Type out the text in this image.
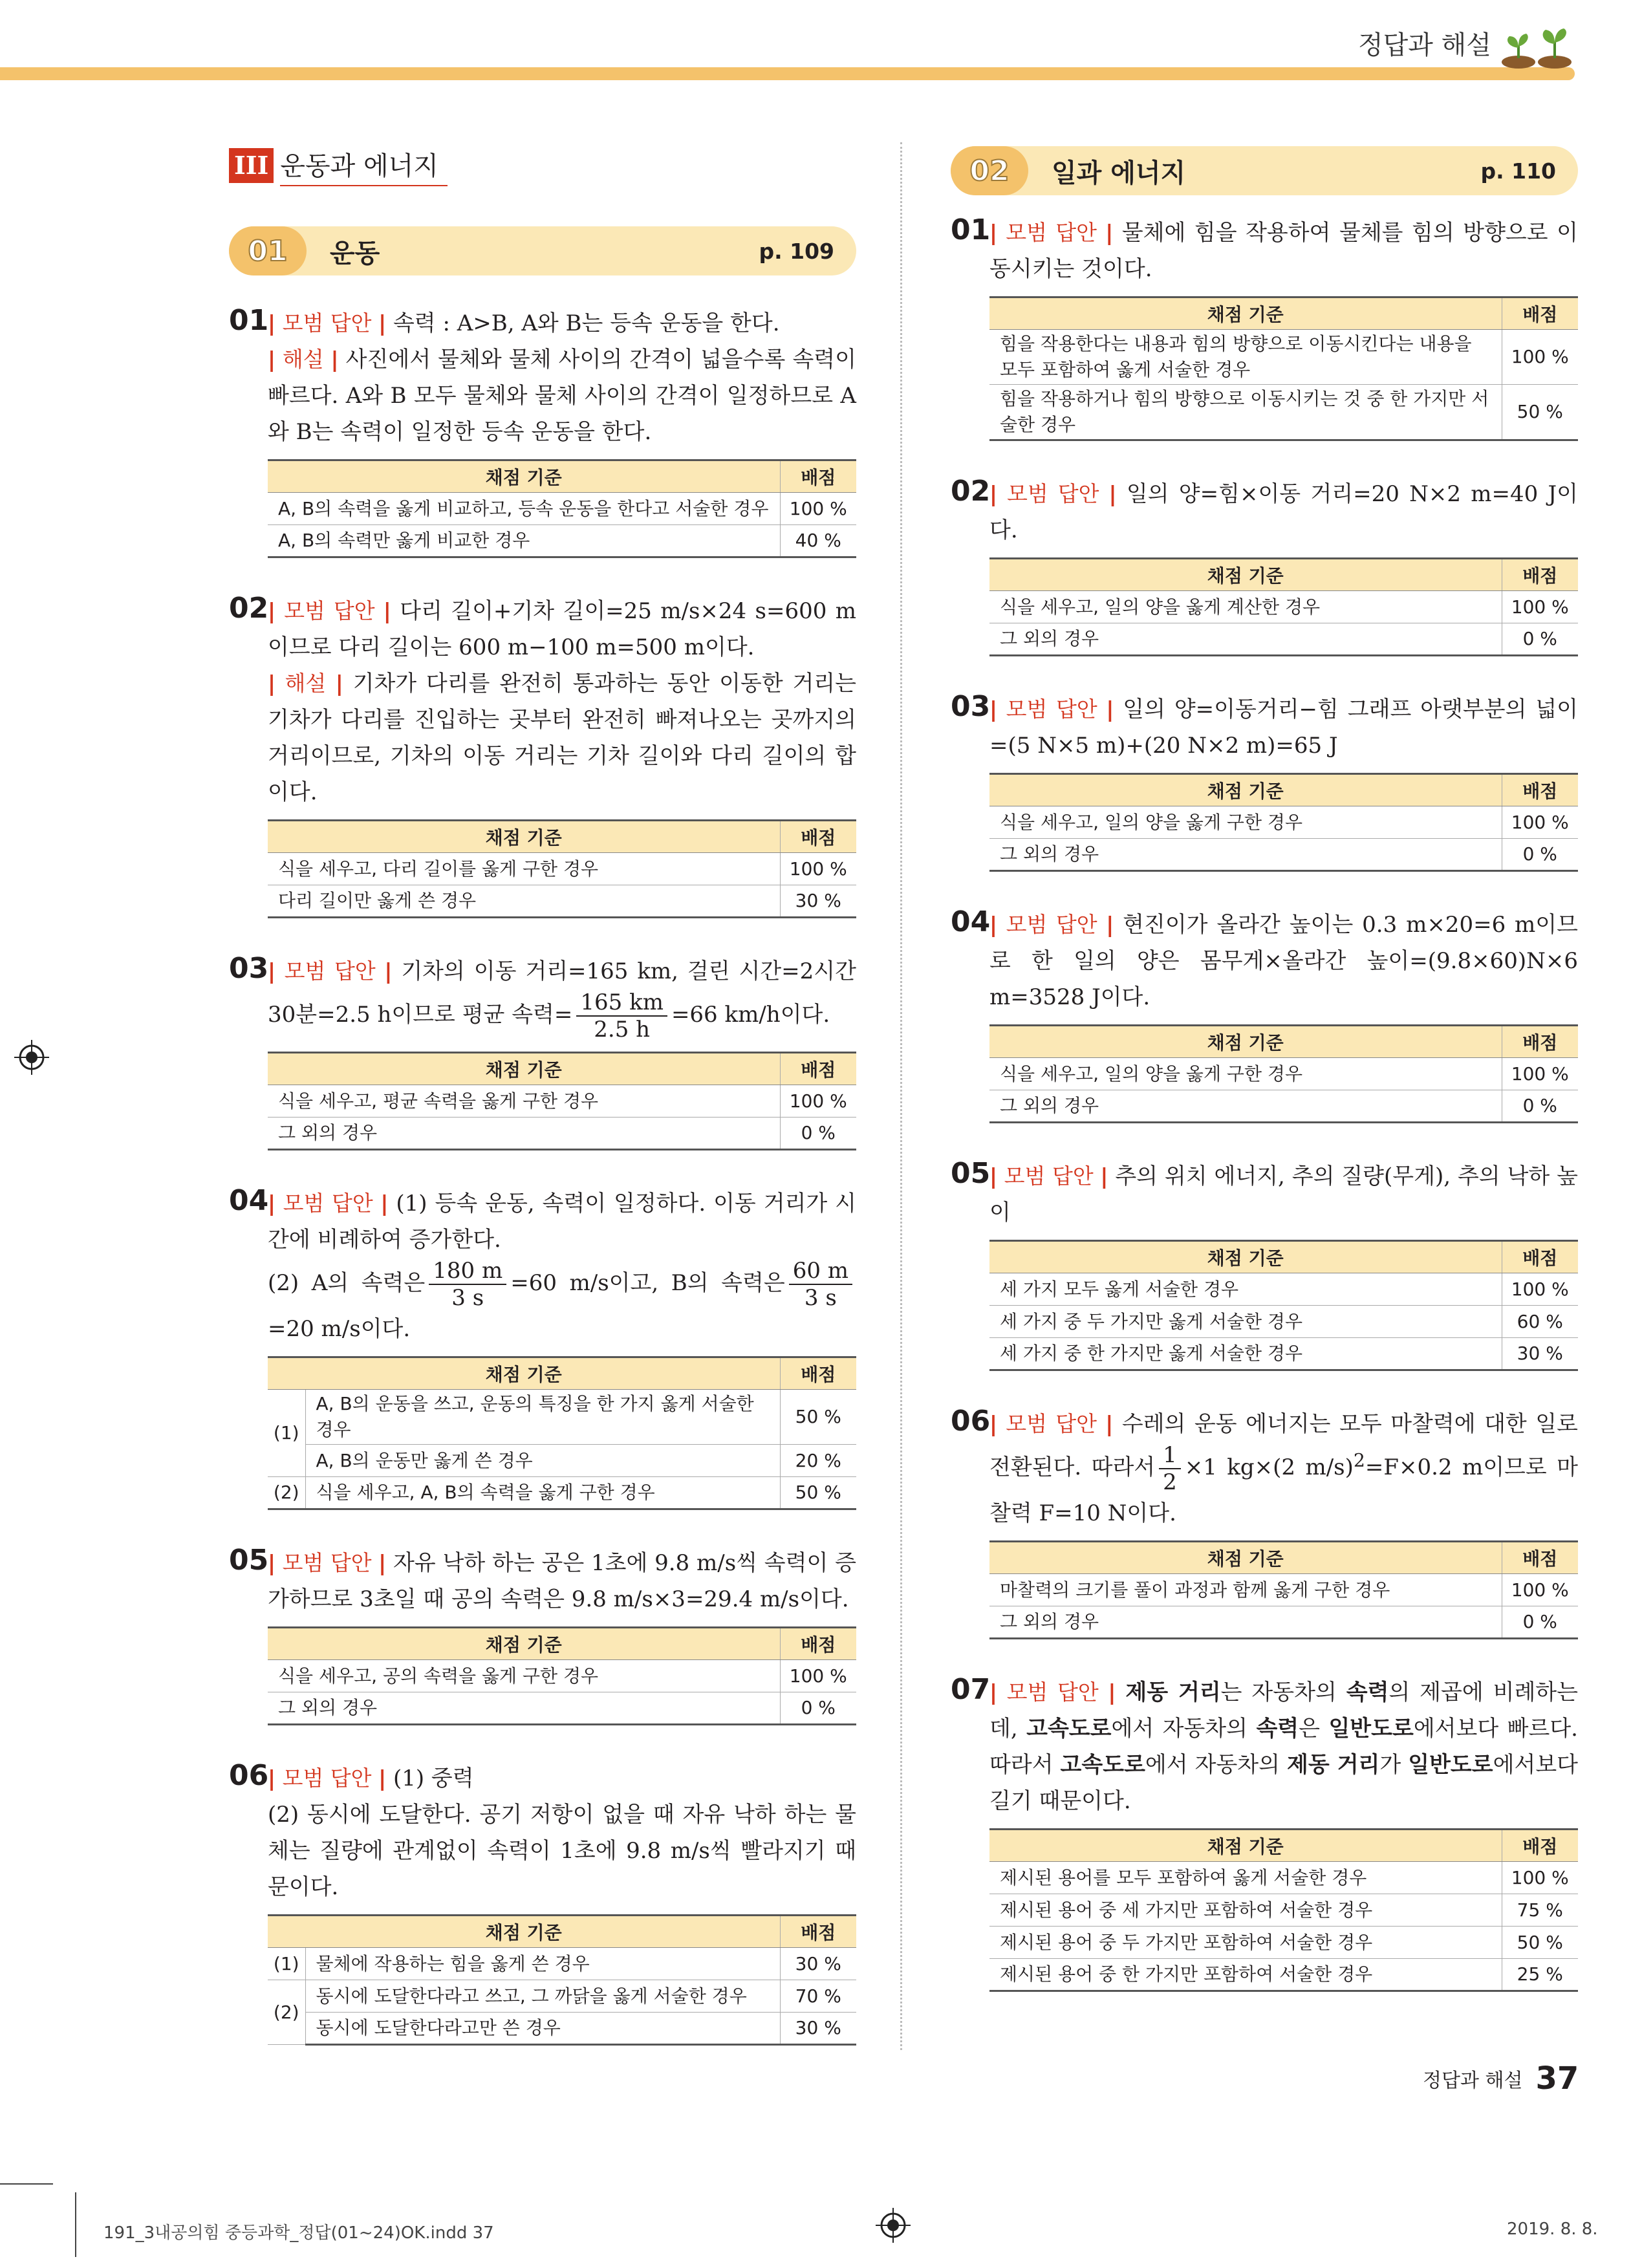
정답과 해설
III 운동과 에너지
01	운동	p. 109
01

| 모범 답안 | 속력 : A>B, A와 B는 등속 운동을 한다.

| 해설 | 사진에서 물체와 물체 사이의 간격이 넓을수록 속력이 빠르다. A와 B 모두 물체와 물체 사이의 간격이 일정하므로 A와 B는 속력이 일정한 등속 운동을 한다.

채점 기준	배점
A, B의 속력을 옳게 비교하고, 등속 운동을 한다고 서술한 경우	100 %
A, B의 속력만 옳게 비교한 경우	40 %
02

| 모범 답안 | 다리 길이+기차 길이=25 m/s×24 s=600 m이므로 다리 길이는 600 m−100 m=500 m이다.

| 해설 | 기차가 다리를 완전히 통과하는 동안 이동한 거리는 기차가 다리를 진입하는 곳부터 완전히 빠져나오는 곳까지의 거리이므로, 기차의 이동 거리는 기차 길이와 다리 길이의 합이다.

채점 기준	배점
식을 세우고, 다리 길이를 옳게 구한 경우	100 %
다리 길이만 옳게 쓴 경우	30 %
03

| 모범 답안 | 기차의 이동 거리=165 km, 걸린 시간=2시간 30분=2.5 h이므로 평균 속력= $\frac{165 km}{2.5 h} =66$ km/h이다.

채점 기준	배점
식을 세우고, 평균 속력을 옳게 구한 경우	100 %
그 외의 경우	0 %
04

| 모범 답안 | (1) 등속 운동, 속력이 일정하다. 이동 거리가 시간에 비례하여 증가한다.

(2) A의 속력은 $\frac{180 m}{3 s} =60$ m/s이고, B의 속력은 $\frac{60 m}{3 s}$
=20 m/s이다.

채점 기준		배점
(1)	A, B의 운동을 쓰고, 운동의 특징을 한 가지 옳게 서술한 경우	50 %
	A, B의 운동만 옳게 쓴 경우	20 %
(2)	식을 세우고, A, B의 속력을 옳게 구한 경우	50 %
05

| 모범 답안 | 자유 낙하 하는 공은 1초에 9.8 m/s씩 속력이 증가하므로 3초일 때 공의 속력은 9.8 m/s×3=29.4 m/s이다.

채점 기준	배점
식을 세우고, 공의 속력을 옳게 구한 경우	100 %
그 외의 경우	0 %
06

| 모범 답안 | (1) 중력

(2) 동시에 도달한다. 공기 저항이 없을 때 자유 낙하 하는 물체는 질량에 관계없이 속력이 1초에 9.8 m/s씩 빨라지기 때문이다.

채점 기준		배점
(1)	물체에 작용하는 힘을 옳게 쓴 경우	30 %
(2)	동시에 도달한다라고 쓰고, 그 까닭을 옳게 서술한 경우	70 %
	동시에 도달한다라고만 쓴 경우	30 %
02	일과 에너지	p. 110
01

| 모범 답안 | 물체에 힘을 작용하여 물체를 힘의 방향으로 이동시키는 것이다.

채점 기준	배점
힘을 작용한다는 내용과 힘의 방향으로 이동시킨다는 내용을 모두 포함하여 옳게 서술한 경우	100 %
힘을 작용하거나 힘의 방향으로 이동시키는 것 중 한 가지만 서술한 경우	50 %
02

| 모범 답안 | 일의 양=힘×이동 거리=20 N×2 m=40 J이다.

채점 기준	배점
식을 세우고, 일의 양을 옳게 계산한 경우	100 %
그 외의 경우	0 %
03

| 모범 답안 | 일의 양=이동거리−힘 그래프 아랫부분의 넓이=(5 N×5 m)+(20 N×2 m)=65 J

채점 기준	배점
식을 세우고, 일의 양을 옳게 구한 경우	100 %
그 외의 경우	0 %
04

| 모범 답안 | 현진이가 올라간 높이는 0.3 m×20=6 m이므로 한 일의 양은 몸무게×올라간 높이=(9.8×60)N×6 m=3528 J이다.

채점 기준	배점
식을 세우고, 일의 양을 옳게 구한 경우	100 %
그 외의 경우	0 %
05

| 모범 답안 | 추의 위치 에너지, 추의 질량(무게), 추의 낙하 높이

채점 기준	배점
세 가지 모두 옳게 서술한 경우	100 %
세 가지 중 두 가지만 옳게 서술한 경우	60 %
세 가지 중 한 가지만 옳게 서술한 경우	30 %
06

| 모범 답안 | 수레의 운동 에너지는 모두 마찰력에 대한 일로 전환된다. 따라서 $\frac{1}{2} \times 1$ kg×(2 m/s)$^2$=F×0.2 m이므로 마찰력 F=10 N이다.

채점 기준	배점
마찰력의 크기를 풀이 과정과 함께 옳게 구한 경우	100 %
그 외의 경우	0 %
07

| 모범 답안 | 제동 거리는 자동차의 속력의 제곱에 비례하는데, 고속도로에서 자동차의 속력은 일반도로에서보다 빠르다. 따라서 고속도로에서 자동차의 제동 거리가 일반도로에서보다 길기 때문이다.

채점 기준	배점
제시된 용어를 모두 포함하여 옳게 서술한 경우	100 %
제시된 용어 중 세 가지만 포함하여 서술한 경우	75 %
제시된 용어 중 두 가지만 포함하여 서술한 경우	50 %
제시된 용어 중 한 가지만 포함하여 서술한 경우	25 %
정답과 해설 37
191_3내공의힘 중등과학_정답(01~24)OK.indd 37	2019. 8. 8.
